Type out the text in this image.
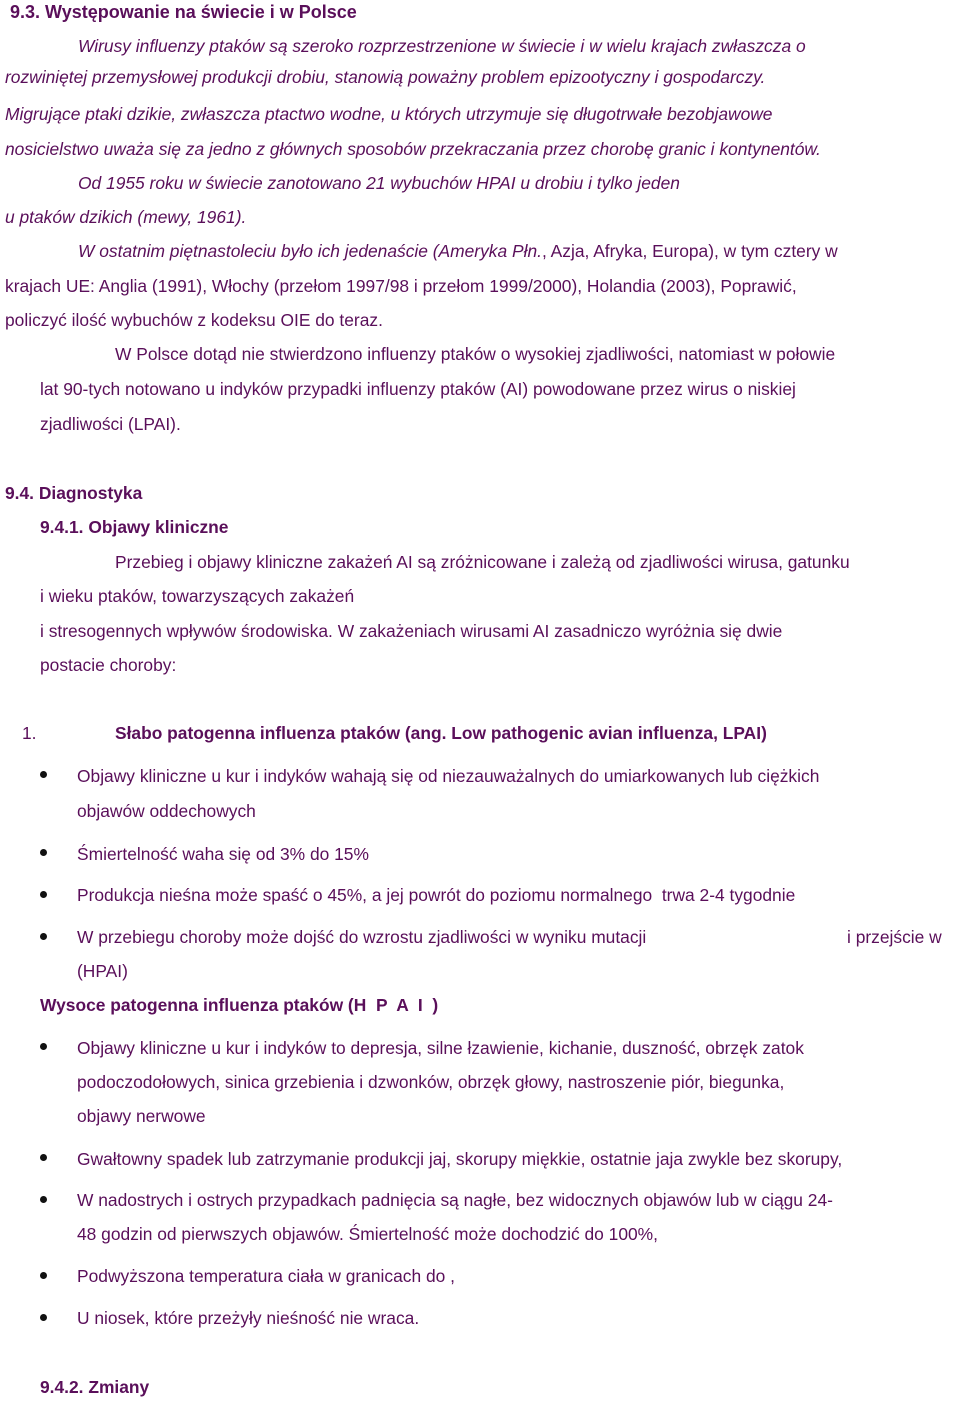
9.3. Występowanie na świecie i w Polsce
Wirusy influenzy ptaków są szeroko rozprzestrzenione w świecie i w wielu krajach zwłaszcza o
rozwiniętej przemysłowej produkcji drobiu, stanowią poważny problem epizootyczny i gospodarczy.
Migrujące ptaki dzikie, zwłaszcza ptactwo wodne, u których utrzymuje się długotrwałe bezobjawowe
nosicielstwo uważa się za jedno z głównych sposobów przekraczania przez chorobę granic i kontynentów.
Od 1955 roku w świecie zanotowano 21 wybuchów HPAI u drobiu i tylko jeden
u ptaków dzikich (mewy, 1961).
W ostatnim piętnastoleciu było ich jedenaście (Ameryka Płn., Azja, Afryka, Europa), w tym cztery w
krajach UE: Anglia (1991), Włochy (przełom 1997/98 i przełom 1999/2000), Holandia (2003), Poprawić,
policzyć ilość wybuchów z kodeksu OIE do teraz.
W Polsce dotąd nie stwierdzono influenzy ptaków o wysokiej zjadliwości, natomiast w połowie
lat 90-tych notowano u indyków przypadki influenzy ptaków (AI) powodowane przez wirus o niskiej
zjadliwości (LPAI).
9.4. Diagnostyka
9.4.1. Objawy kliniczne
Przebieg i objawy kliniczne zakażeń AI są zróżnicowane i zależą od zjadliwości wirusa, gatunku
i wieku ptaków, towarzyszących zakażeń
i stresogennych wpływów środowiska. W zakażeniach wirusami AI zasadniczo wyróżnia się dwie
postacie choroby:
1.	Słabo patogenna influenza ptaków (ang. Low pathogenic avian influenza, LPAI)
Objawy kliniczne u kur i indyków wahają się od niezauważalnych do umiarkowanych lub ciężkich
objawów oddechowych
Śmiertelność waha się od 3% do 15%
Produkcja nieśna może spaść o 45%, a jej powrót do poziomu normalnego  trwa 2-4 tygodnie
W przebiegu choroby może dojść do wzrostu zjadliwości w wyniku mutacji	i przejście w
(HPAI)
Wysoce patogenna influenza ptaków (H  P  A  I  )
Objawy kliniczne u kur i indyków to depresja, silne łzawienie, kichanie, duszność, obrzęk zatok
podoczodołowych, sinica grzebienia i dzwonków, obrzęk głowy, nastroszenie piór, biegunka,
objawy nerwowe
Gwałtowny spadek lub zatrzymanie produkcji jaj, skorupy miękkie, ostatnie jaja zwykle bez skorupy,
W nadostrych i ostrych przypadkach padnięcia są nagłe, bez widocznych objawów lub w ciągu 24-
48 godzin od pierwszych objawów. Śmiertelność może dochodzić do 100%,
Podwyższona temperatura ciała w granicach do ,
U niosek, które przeżyły nieśność nie wraca.
9.4.2. Zmiany
